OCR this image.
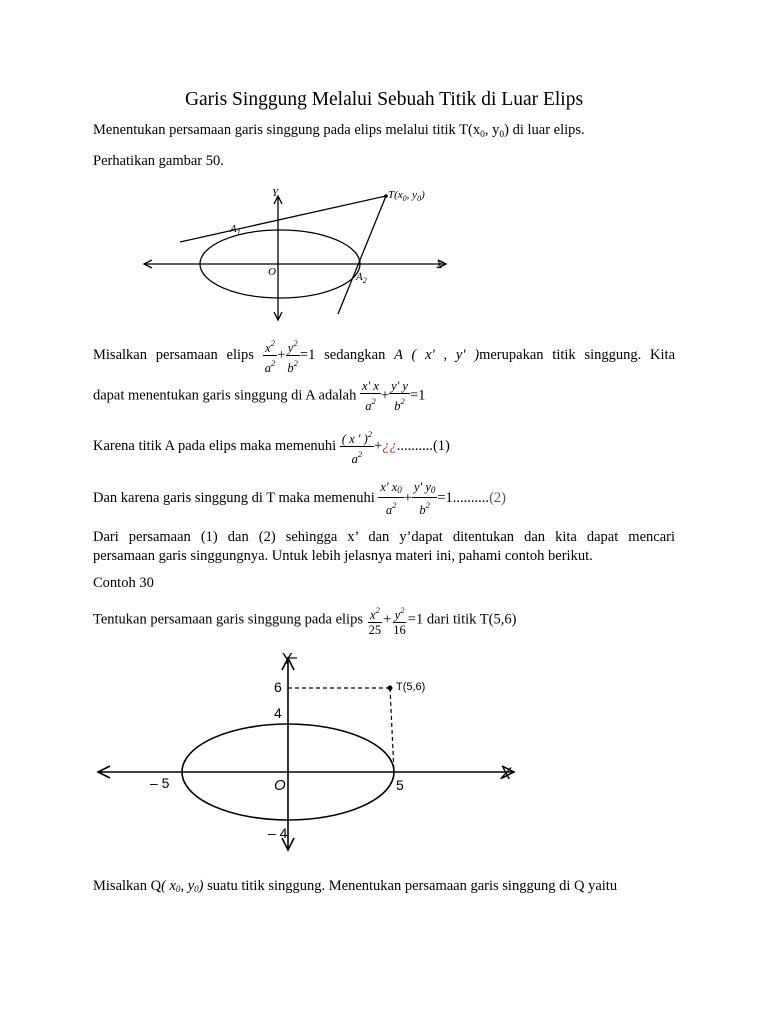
Garis Singgung Melalui Sebuah Titik di Luar Elips
Menentukan persamaan garis singgung pada elips melalui titik $T(x_0$, $y_0$) di luar elips.
Perhatikan gambar 50.
Y
X
O
$A_1$
$A_2$
$T(x_0$, $y_0$)
Misalkan persamaan elips $\frac{x^2}{a^2} + \frac{y^2}{b^2} =1$ sedangkan A ( x' , y' )merupakan titik singgung. Kita
dapat menentukan garis singgung di A adalah $\frac{x' x}{a^2} + \frac{y' y}{b^2} =1$
Karena titik A pada elips maka memenuhi $\frac{( x ' )^2}{a^2}$ +¿¿..........(1)
Dan karena garis singgung di T maka memenuhi $\frac{x' x0}{a^2} + \frac{y' y0}{b^2} =1..........(2)$
Dari persamaan (1) dan (2) sehingga x’ dan y’dapat ditentukan dan kita dapat mencari
persamaan garis singgungnya. Untuk lebih jelasnya materi ini, pahami contoh berikut.
Contoh 30
Tentukan persamaan garis singgung pada elips $\frac{x^2}{25} + \frac{y^2}{16} =1$ dari titik T(5,6)
Y
X
O
6
4
– 4
5
– 5
T(5,6)
Misalkan Q( x0, y0) suatu titik singgung. Menentukan persamaan garis singgung di Q yaitu
